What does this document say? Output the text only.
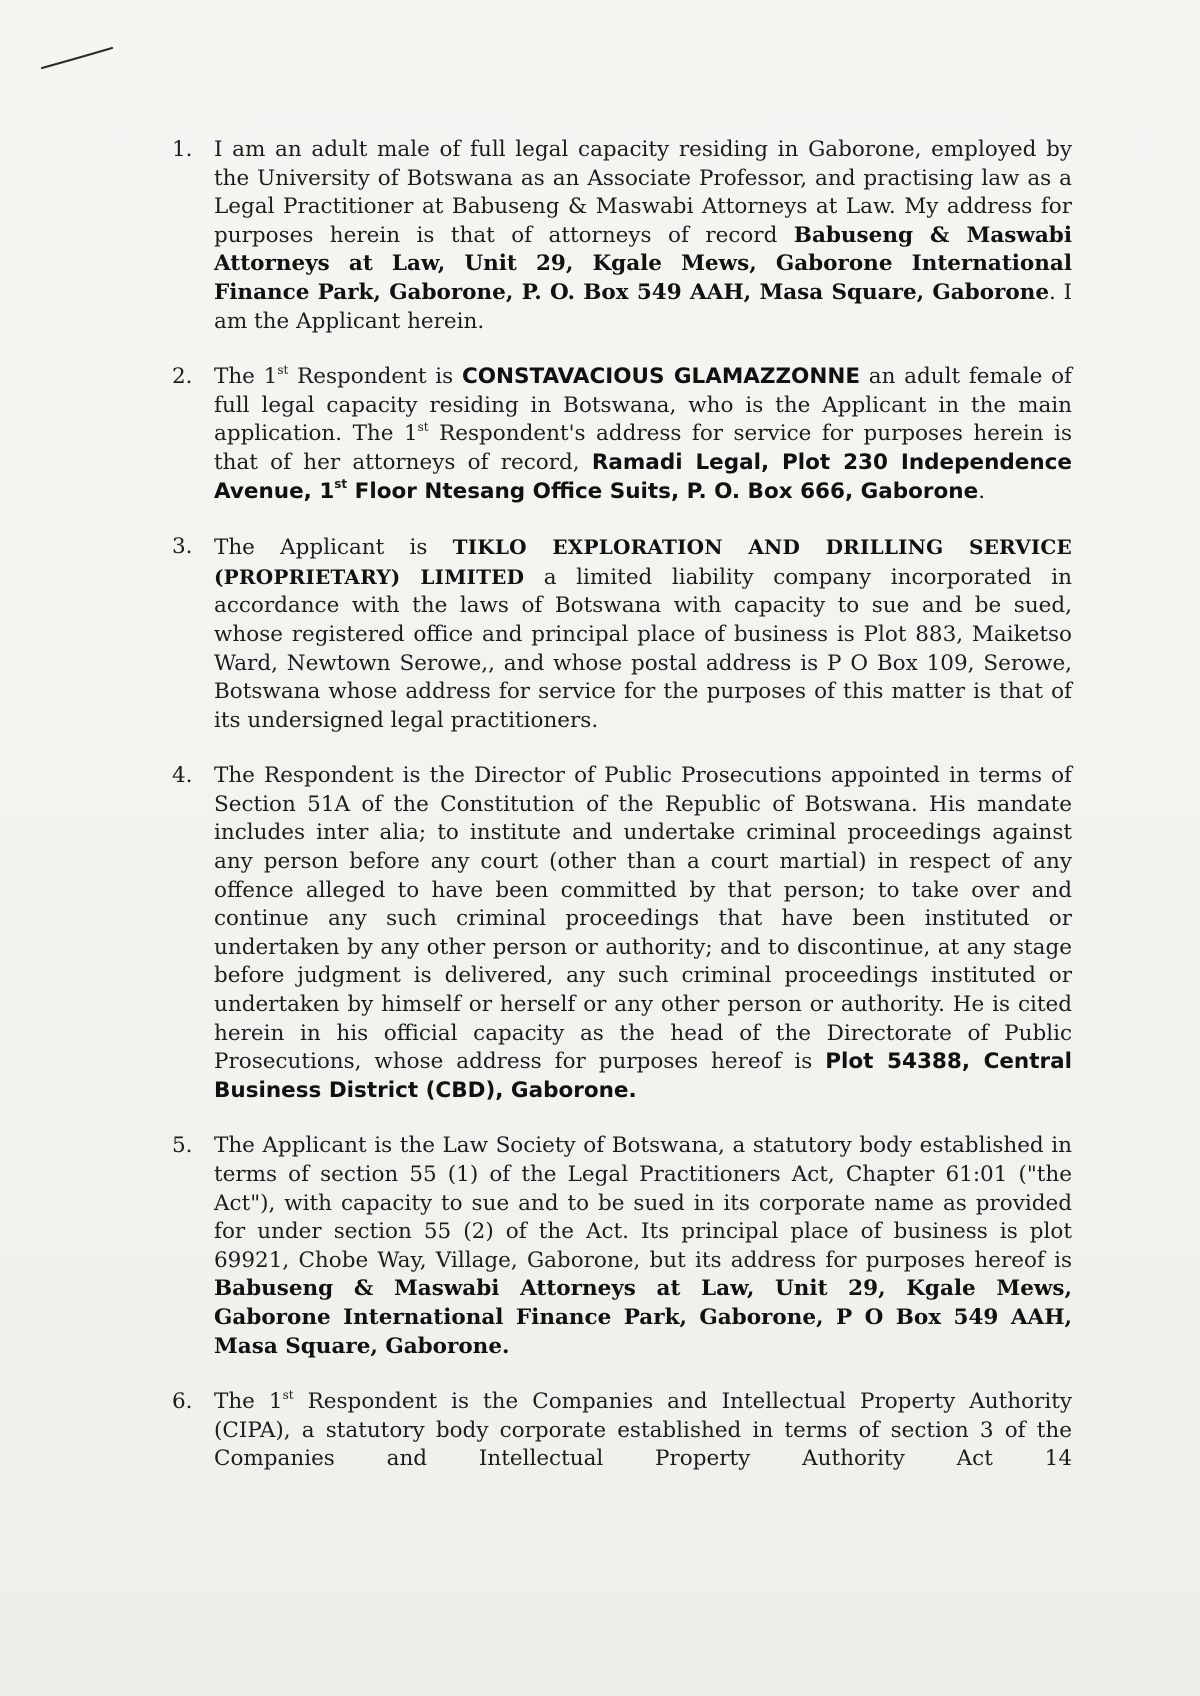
1. I am an adult male of full legal capacity residing in Gaborone, employed by the University of Botswana as an Associate Professor, and practising law as a Legal Practitioner at Babuseng & Maswabi Attorneys at Law. My address for purposes herein is that of attorneys of record Babuseng & Maswabi Attorneys at Law, Unit 29, Kgale Mews, Gaborone International Finance Park, Gaborone, P. O. Box 549 AAH, Masa Square, Gaborone. I am the Applicant herein.
2. The 1st Respondent is CONSTAVACIOUS GLAMAZZONNE an adult female of full legal capacity residing in Botswana, who is the Applicant in the main application. The 1st Respondent's address for service for purposes herein is that of her attorneys of record, Ramadi Legal, Plot 230 Independence Avenue, 1st Floor Ntesang Office Suits, P. O. Box 666, Gaborone.
3. The Applicant is TIKLO EXPLORATION AND DRILLING SERVICE (PROPRIETARY) LIMITED a limited liability company incorporated in accordance with the laws of Botswana with capacity to sue and be sued, whose registered office and principal place of business is Plot 883, Maiketso Ward, Newtown Serowe,, and whose postal address is P O Box 109, Serowe, Botswana whose address for service for the purposes of this matter is that of its undersigned legal practitioners.
4. The Respondent is the Director of Public Prosecutions appointed in terms of Section 51A of the Constitution of the Republic of Botswana. His mandate includes inter alia; to institute and undertake criminal proceedings against any person before any court (other than a court martial) in respect of any offence alleged to have been committed by that person; to take over and continue any such criminal proceedings that have been instituted or undertaken by any other person or authority; and to discontinue, at any stage before judgment is delivered, any such criminal proceedings instituted or undertaken by himself or herself or any other person or authority. He is cited herein in his official capacity as the head of the Directorate of Public Prosecutions, whose address for purposes hereof is Plot 54388, Central Business District (CBD), Gaborone.
5. The Applicant is the Law Society of Botswana, a statutory body established in terms of section 55 (1) of the Legal Practitioners Act, Chapter 61:01 ("the Act"), with capacity to sue and to be sued in its corporate name as provided for under section 55 (2) of the Act. Its principal place of business is plot 69921, Chobe Way, Village, Gaborone, but its address for purposes hereof is Babuseng & Maswabi Attorneys at Law, Unit 29, Kgale Mews, Gaborone International Finance Park, Gaborone, P O Box 549 AAH, Masa Square, Gaborone.
6. The 1st Respondent is the Companies and Intellectual Property Authority (CIPA), a statutory body corporate established in terms of section 3 of the Companies and Intellectual Property Authority Act 14
